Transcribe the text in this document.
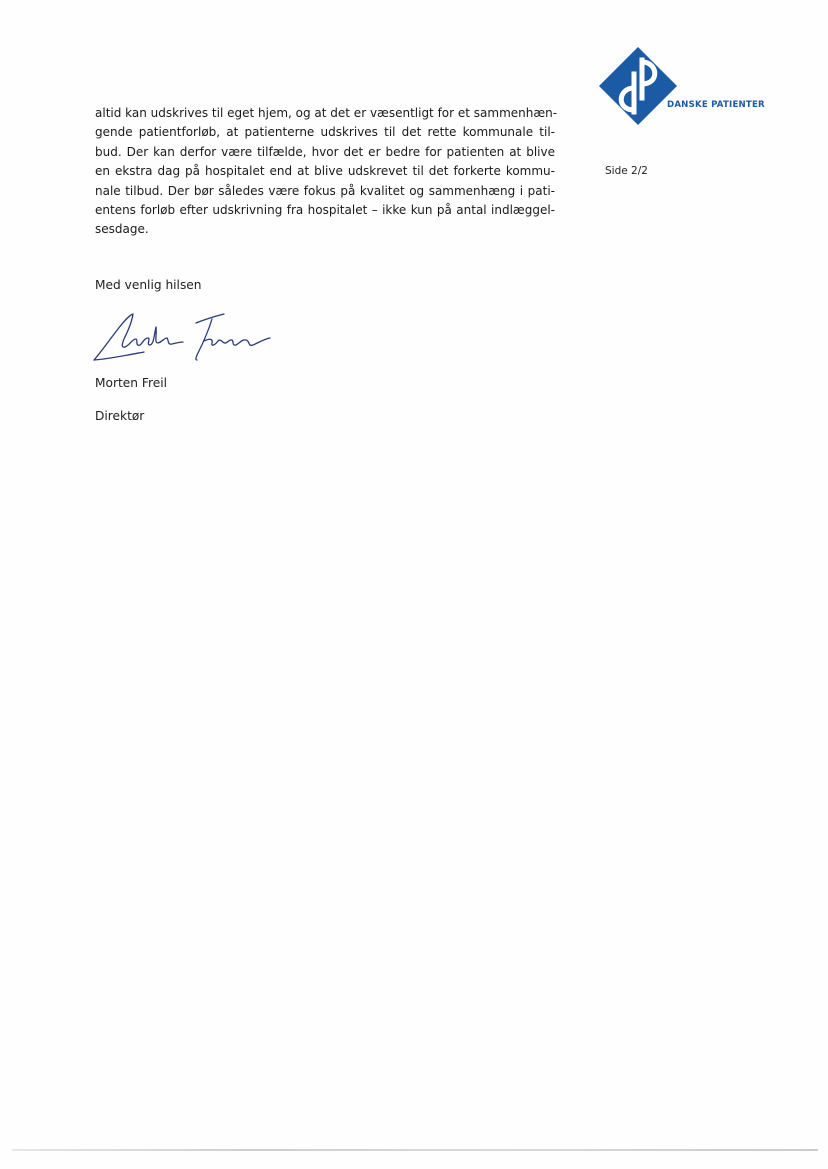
DANSKE PATIENTER
Side 2/2
altid kan udskrives til eget hjem, og at det er væsentligt for et sammenhæn-
gende patientforløb, at patienterne udskrives til det rette kommunale til-
bud. Der kan derfor være tilfælde, hvor det er bedre for patienten at blive
en ekstra dag på hospitalet end at blive udskrevet til det forkerte kommu-
nale tilbud. Der bør således være fokus på kvalitet og sammenhæng i pati-
entens forløb efter udskrivning fra hospitalet – ikke kun på antal indlæggel-
sesdage.
Med venlig hilsen
Morten Freil
Direktør
